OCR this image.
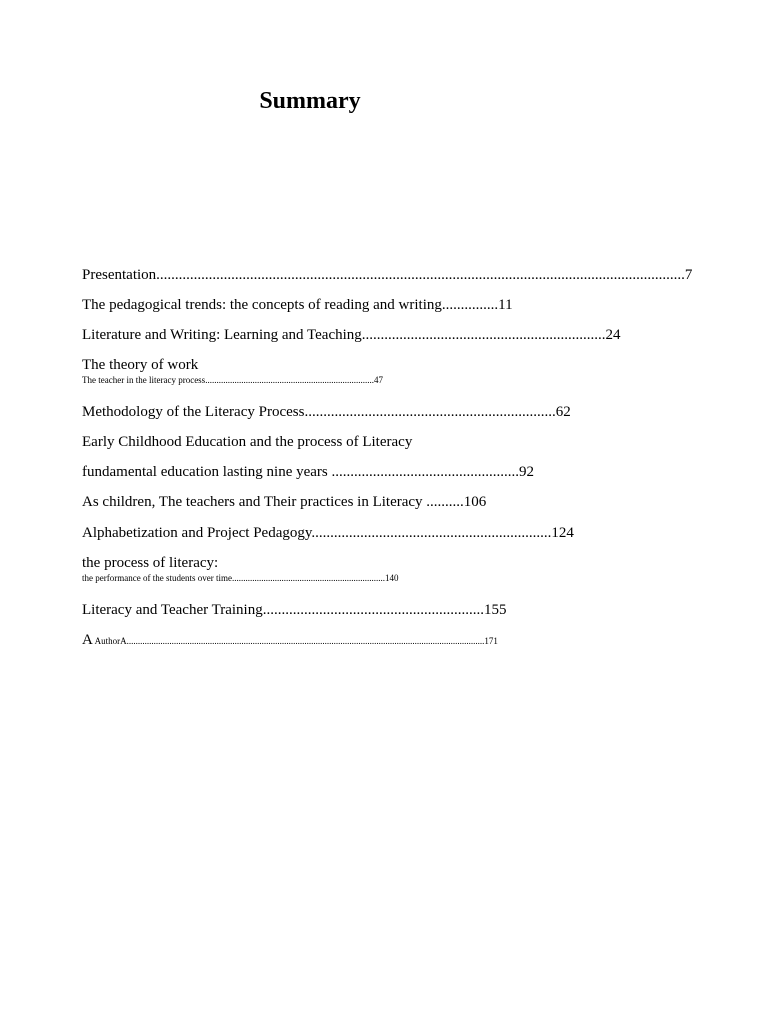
Summary
Presentation.............................................................................................................................................7
The pedagogical trends: the concepts of reading and writing...............11
Literature and Writing: Learning and Teaching.................................................................24
The theory of work
The teacher in the literacy process...........................................................................47
Methodology of the Literacy Process...................................................................62
Early Childhood Education and the process of Literacy
fundamental education lasting nine years ..................................................92
As children, The teachers and Their practices in Literacy ..........106
Alphabetization and Project Pedagogy................................................................124
the process of literacy:
the performance of the students over time....................................................................140
Literacy and Teacher Training...........................................................155
A AuthorA...............................................................................................................................................................171
